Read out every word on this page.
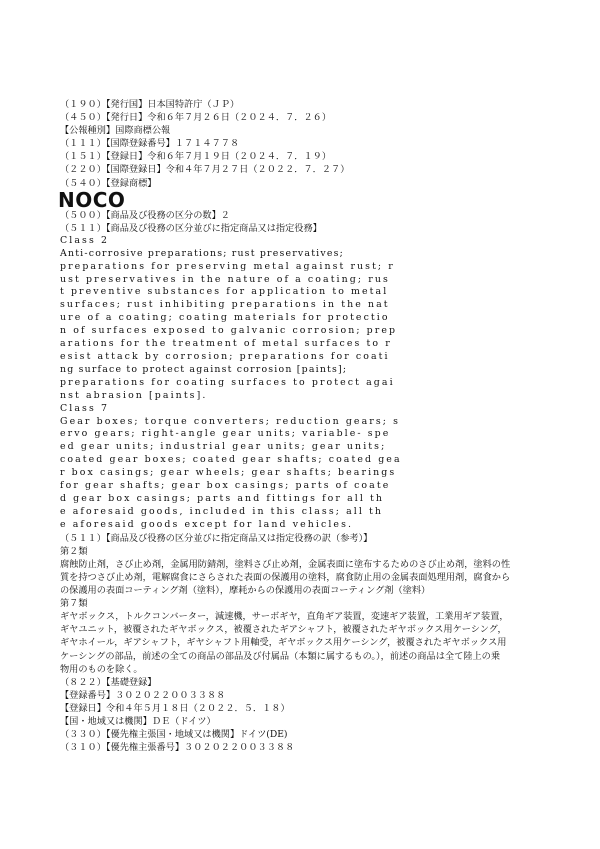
（１９０）【発行国】日本国特許庁（ＪＰ）

（４５０）【発行日】令和６年７月２６日（２０２４．７．２６）

【公報種別】国際商標公報

（１１１）【国際登録番号】１７１４７７８

（１５１）【登録日】令和６年７月１９日（２０２４．７．１９）

（２２０）【国際登録日】令和４年７月２７日（２０２２．７．２７）

（５４０）【登録商標】

NOCO

（５００）【商品及び役務の区分の数】２

（５１１）【商品及び役務の区分並びに指定商品又は指定役務】

Class 2

Anti-corrosive preparations; rust preservatives;

preparations for preserving metal against rust; r

ust preservatives in the nature of a coating; rus

t preventive substances for application to metal

surfaces; rust inhibiting preparations in the nat

ure of a coating; coating materials for protectio

n of surfaces exposed to galvanic corrosion; prep

arations for the treatment of metal surfaces to r

esist attack by corrosion; preparations for coati

ng surface to protect against corrosion [paints];

preparations for coating surfaces to protect agai

nst abrasion [paints].

Class 7

Gear boxes; torque converters; reduction gears; s

ervo gears; right-angle gear units; variable- spe

ed gear units; industrial gear units; gear units;

coated gear boxes; coated gear shafts; coated gea

r box casings; gear wheels; gear shafts; bearings

for gear shafts; gear box casings; parts of coate

d gear box casings; parts and fittings for all th

e aforesaid goods, included in this class; all th

e aforesaid goods except for land vehicles.

（５１１）【商品及び役務の区分並びに指定商品又は指定役務の訳（参考）】

第２類

腐蝕防止剤，さび止め剤，金属用防錆剤，塗料さび止め剤，金属表面に塗布するためのさび止め剤，塗料の性

質を持つさび止め剤，電解腐食にさらされた表面の保護用の塗料，腐食防止用の金属表面処理用剤，腐食から

の保護用の表面コーティング剤（塗料），摩耗からの保護用の表面コーティング剤（塗料）

第７類

ギヤボックス，トルクコンバーター，減速機，サーボギヤ，直角ギア装置，変速ギア装置，工業用ギア装置，

ギヤユニット，被覆されたギヤボックス，被覆されたギアシャフト，被覆されたギヤボックス用ケーシング，

ギヤホイール，ギアシャフト，ギヤシャフト用軸受，ギヤボックス用ケーシング，被覆されたギヤボックス用

ケーシングの部品，前述の全ての商品の部品及び付属品（本類に属するもの。），前述の商品は全て陸上の乗

物用のものを除く。

（８２２）【基礎登録】

【登録番号】３０２０２２００３３８８

【登録日】令和４年５月１８日（２０２２．５．１８）

【国・地域又は機関】ＤＥ（ドイツ）

（３３０）【優先権主張国・地域又は機関】ドイツ(DE)

（３１０）【優先権主張番号】３０２０２２００３３８８
